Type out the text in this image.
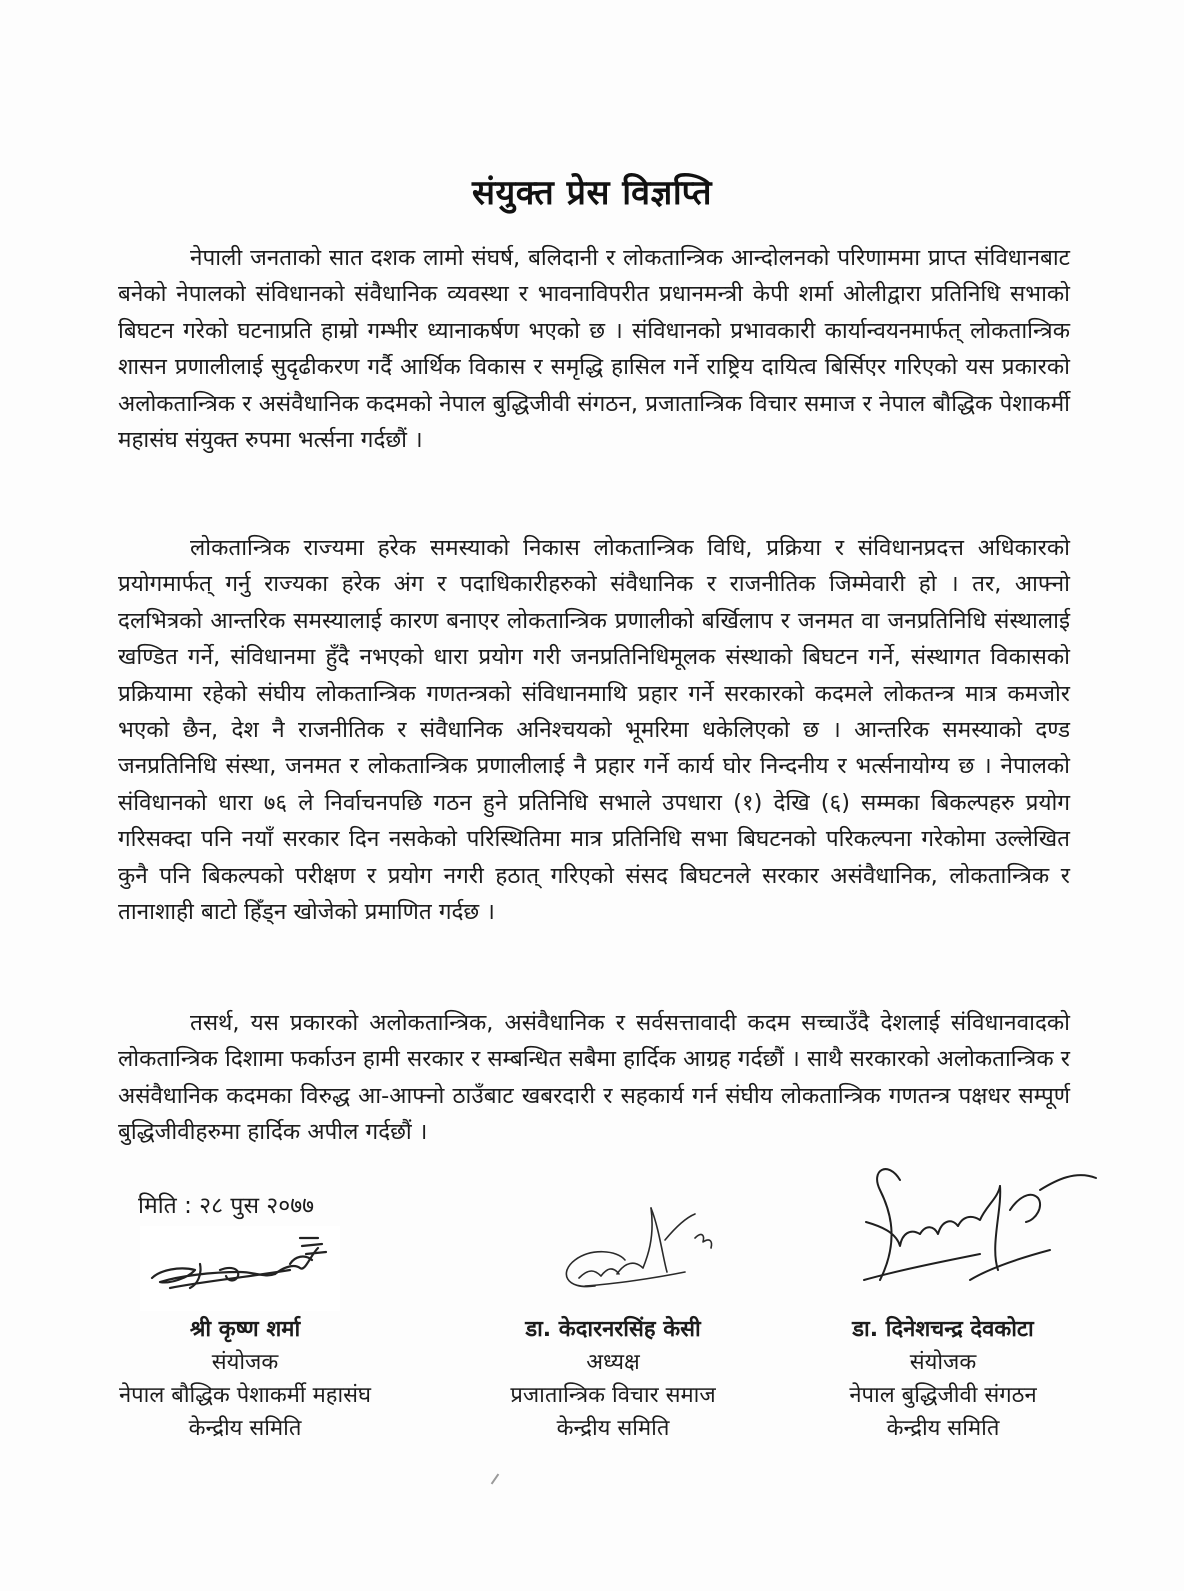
संयुक्त प्रेस विज्ञप्ति

नेपाली जनताको सात दशक लामो संघर्ष, बलिदानी र लोकतान्त्रिक आन्दोलनको परिणाममा प्राप्त संविधानबाट बनेको नेपालको संविधानको संवैधानिक व्यवस्था र भावनाविपरीत प्रधानमन्त्री केपी शर्मा ओलीद्वारा प्रतिनिधि सभाको बिघटन गरेको घटनाप्रति हाम्रो गम्भीर ध्यानाकर्षण भएको छ । संविधानको प्रभावकारी कार्यान्वयनमार्फत् लोकतान्त्रिक शासन प्रणालीलाई सुदृढीकरण गर्दै आर्थिक विकास र समृद्धि हासिल गर्ने राष्ट्रिय दायित्व बिर्सिएर गरिएको यस प्रकारको अलोकतान्त्रिक र असंवैधानिक कदमको नेपाल बुद्धिजीवी संगठन, प्रजातान्त्रिक विचार समाज र नेपाल बौद्धिक पेशाकर्मी महासंघ संयुक्त रुपमा भर्त्सना गर्दछौं ।

लोकतान्त्रिक राज्यमा हरेक समस्याको निकास लोकतान्त्रिक विधि, प्रक्रिया र संविधानप्रदत्त अधिकारको प्रयोगमार्फत् गर्नु राज्यका हरेक अंग र पदाधिकारीहरुको संवैधानिक र राजनीतिक जिम्मेवारी हो । तर, आफ्नो दलभित्रको आन्तरिक समस्यालाई कारण बनाएर लोकतान्त्रिक प्रणालीको बर्खिलाप र जनमत वा जनप्रतिनिधि संस्थालाई खण्डित गर्ने, संविधानमा हुँदै नभएको धारा प्रयोग गरी जनप्रतिनिधिमूलक संस्थाको बिघटन गर्ने, संस्थागत विकासको प्रक्रियामा रहेको संघीय लोकतान्त्रिक गणतन्त्रको संविधानमाथि प्रहार गर्ने सरकारको कदमले लोकतन्त्र मात्र कमजोर भएको छैन, देश नै राजनीतिक र संवैधानिक अनिश्चयको भूमरिमा धकेलिएको छ । आन्तरिक समस्याको दण्ड जनप्रतिनिधि संस्था, जनमत र लोकतान्त्रिक प्रणालीलाई नै प्रहार गर्ने कार्य घोर निन्दनीय र भर्त्सनायोग्य छ । नेपालको संविधानको धारा ७६ ले निर्वाचनपछि गठन हुने प्रतिनिधि सभाले उपधारा (१) देखि (६) सम्मका बिकल्पहरु प्रयोग गरिसक्दा पनि नयाँ सरकार दिन नसकेको परिस्थितिमा मात्र प्रतिनिधि सभा बिघटनको परिकल्पना गरेकोमा उल्लेखित कुनै पनि बिकल्पको परीक्षण र प्रयोग नगरी हठात् गरिएको संसद बिघटनले सरकार असंवैधानिक, लोकतान्त्रिक र तानाशाही बाटो हिँड्न खोजेको प्रमाणित गर्दछ ।

तसर्थ, यस प्रकारको अलोकतान्त्रिक, असंवैधानिक र सर्वसत्तावादी कदम सच्चाउँदै देशलाई संविधानवादको लोकतान्त्रिक दिशामा फर्काउन हामी सरकार र सम्बन्धित सबैमा हार्दिक आग्रह गर्दछौं । साथै सरकारको अलोकतान्त्रिक र असंवैधानिक कदमका विरुद्ध आ-आफ्नो ठाउँबाट खबरदारी र सहकार्य गर्न संघीय लोकतान्त्रिक गणतन्त्र पक्षधर सम्पूर्ण बुद्धिजीवीहरुमा हार्दिक अपील गर्दछौं ।

मिति : २८ पुस २०७७
श्री कृष्ण शर्मा
संयोजक
नेपाल बौद्धिक पेशाकर्मी महासंघ
केन्द्रीय समिति
डा. केदारनरसिंह केसी
अध्यक्ष
प्रजातान्त्रिक विचार समाज
केन्द्रीय समिति
डा. दिनेशचन्द्र देवकोटा
संयोजक
नेपाल बुद्धिजीवी संगठन
केन्द्रीय समिति
